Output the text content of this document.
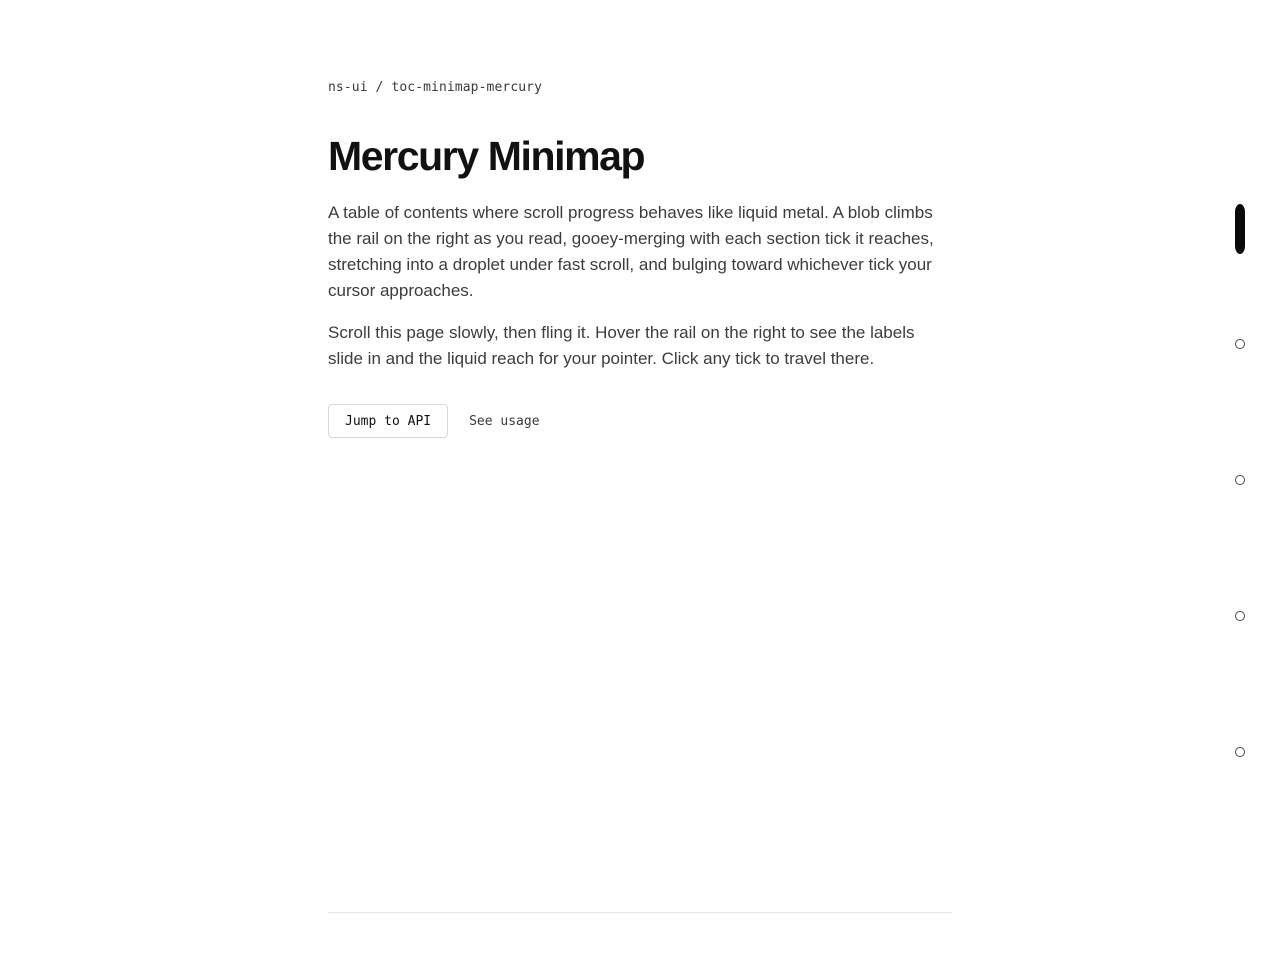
ns-ui / toc-minimap-mercury
Mercury Minimap

A table of contents where scroll progress behaves like liquid metal. A blob climbs the rail on the right as you read, gooey-merging with each section tick it reaches, stretching into a droplet under fast scroll, and bulging toward whichever tick your cursor approaches.

Scroll this page slowly, then fling it. Hover the rail on the right to see the labels slide in and the liquid reach for your pointer. Click any tick to travel there.

Jump to API	See usage
